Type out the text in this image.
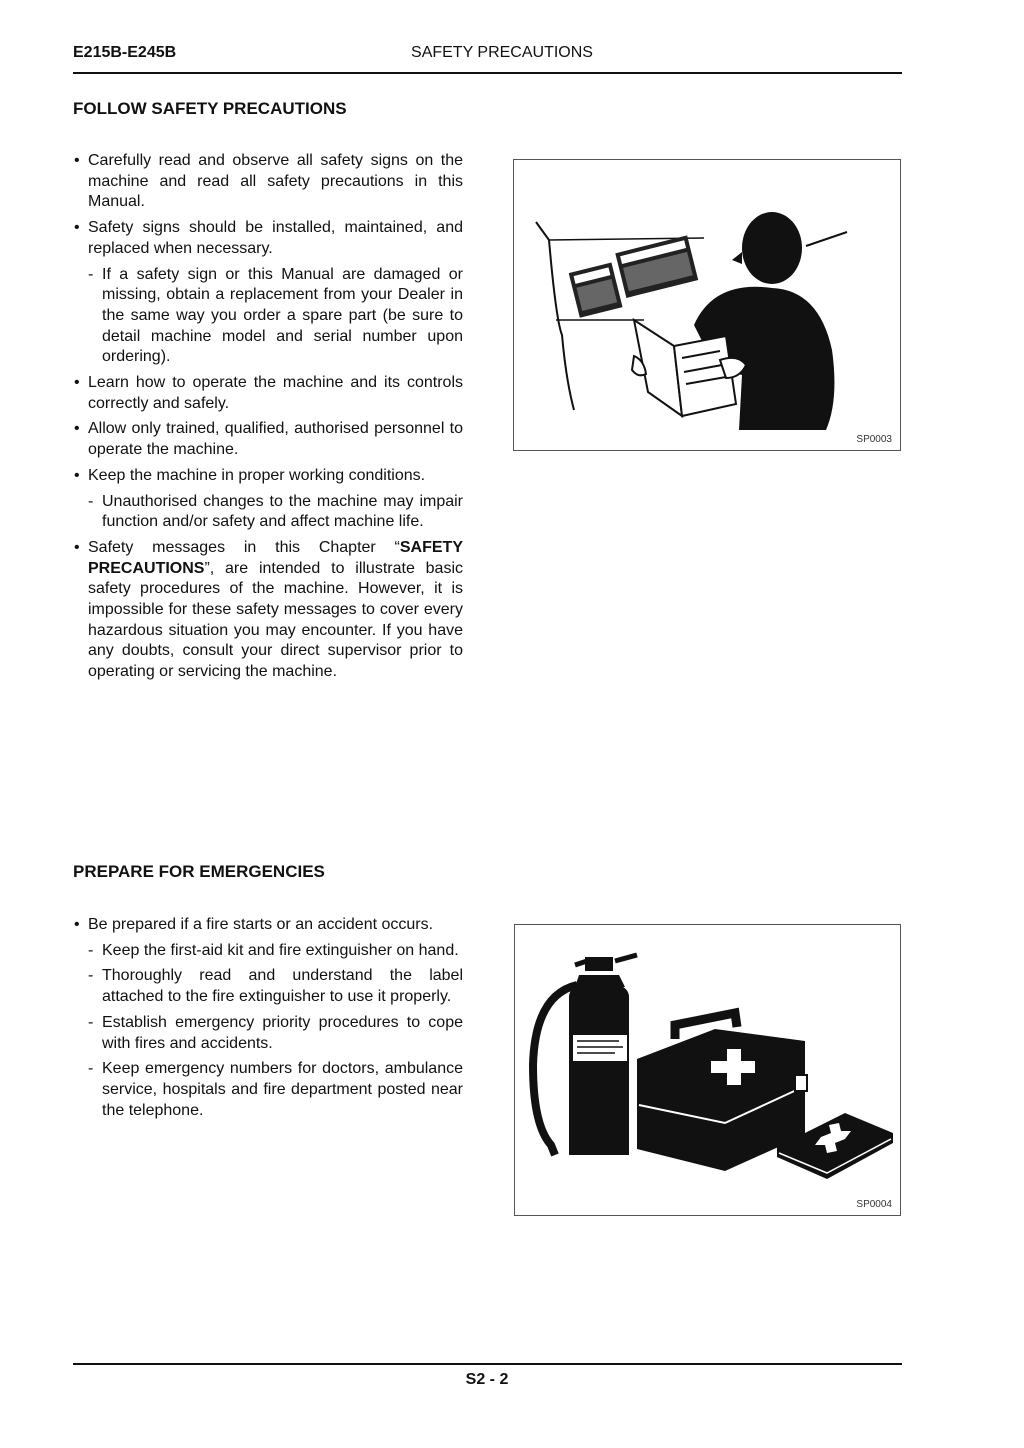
E215B-E245B	SAFETY PRECAUTIONS
FOLLOW SAFETY PRECAUTIONS

• Carefully read and observe all safety signs on the machine and read all safety precautions in this Manual.

• Safety signs should be installed, maintained, and replaced when necessary.

- If a safety sign or this Manual are damaged or missing, obtain a replacement from your Dealer in the same way you order a spare part (be sure to detail machine model and serial number upon ordering).

• Learn how to operate the machine and its controls correctly and safely.

• Allow only trained, qualified, authorised personnel to operate the machine.

• Keep the machine in proper working conditions.

- Unauthorised changes to the machine may impair function and/or safety and affect machine life.

• Safety messages in this Chapter “SAFETY PRECAUTIONS”, are intended to illustrate basic safety procedures of the machine. However, it is impossible for these safety messages to cover every hazardous situation you may encounter. If you have any doubts, consult your direct supervisor prior to operating or servicing the machine.

SP0003
PREPARE FOR EMERGENCIES

• Be prepared if a fire starts or an accident occurs.

- Keep the first-aid kit and fire extinguisher on hand.

- Thoroughly read and understand the label attached to the fire extinguisher to use it properly.

- Establish emergency priority procedures to cope with fires and accidents.

- Keep emergency numbers for doctors, ambulance service, hospitals and fire department posted near the telephone.

SP0004
S2 - 2
